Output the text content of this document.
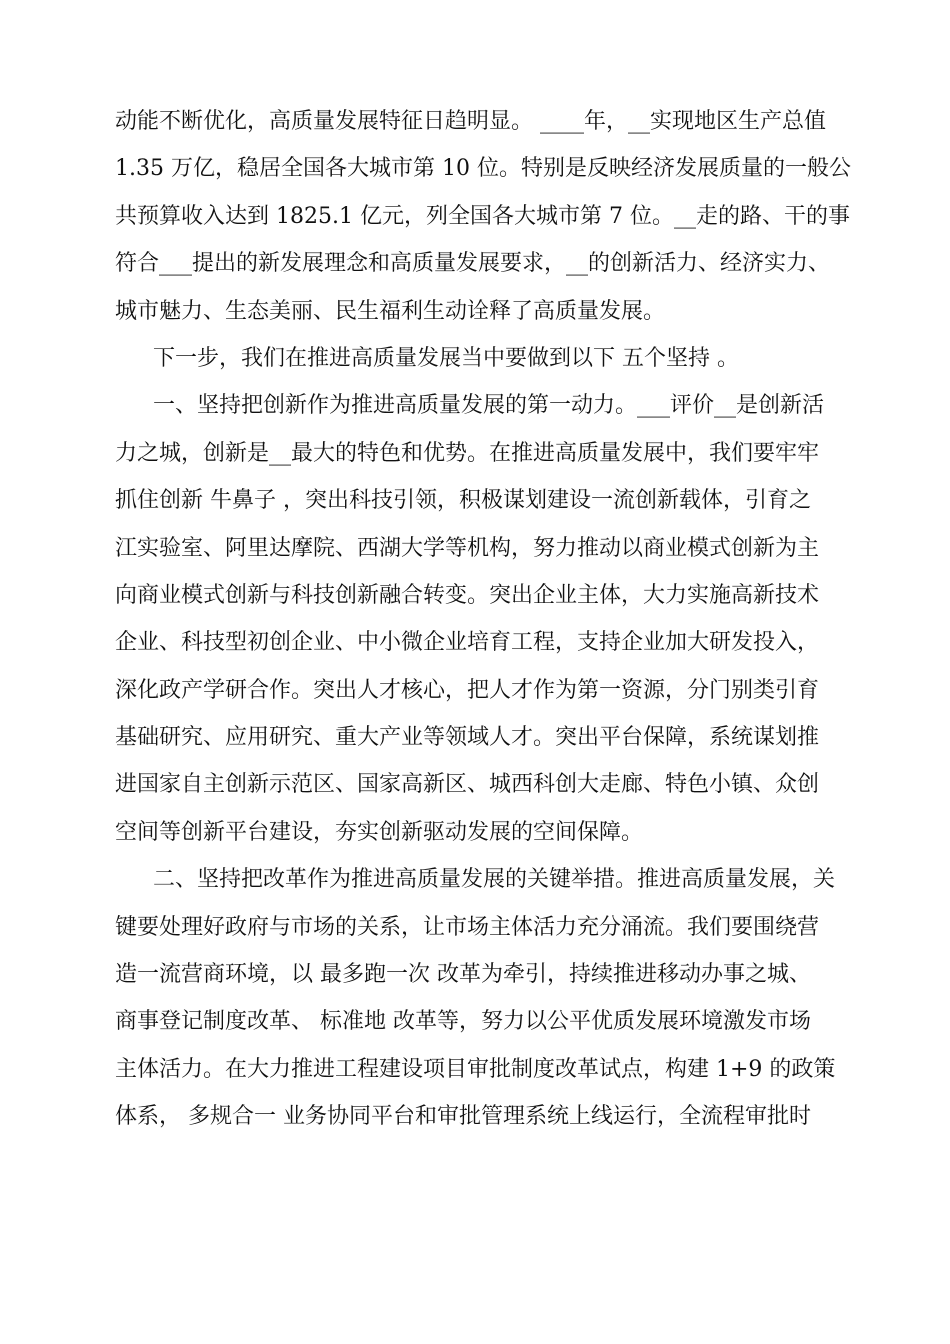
动能不断优化，高质量发展特征日趋明显。 ____年，__实现地区生产总值
1.35 万亿，稳居全国各大城市第 10 位。特别是反映经济发展质量的一般公
共预算收入达到 1825.1 亿元，列全国各大城市第 7 位。__走的路、干的事
符合___提出的新发展理念和高质量发展要求，__的创新活力、经济实力、
城市魅力、生态美丽、民生福利生动诠释了高质量发展。
下一步，我们在推进高质量发展当中要做到以下 五个坚持 。
一、坚持把创新作为推进高质量发展的第一动力。___评价__是创新活
力之城，创新是__最大的特色和优势。在推进高质量发展中，我们要牢牢
抓住创新 牛鼻子 ，突出科技引领，积极谋划建设一流创新载体，引育之
江实验室、阿里达摩院、西湖大学等机构，努力推动以商业模式创新为主
向商业模式创新与科技创新融合转变。突出企业主体，大力实施高新技术
企业、科技型初创企业、中小微企业培育工程，支持企业加大研发投入，
深化政产学研合作。突出人才核心，把人才作为第一资源，分门别类引育
基础研究、应用研究、重大产业等领域人才。突出平台保障，系统谋划推
进国家自主创新示范区、国家高新区、城西科创大走廊、特色小镇、众创
空间等创新平台建设，夯实创新驱动发展的空间保障。
二、坚持把改革作为推进高质量发展的关键举措。推进高质量发展，关
键要处理好政府与市场的关系，让市场主体活力充分涌流。我们要围绕营
造一流营商环境，以 最多跑一次 改革为牵引，持续推进移动办事之城、
商事登记制度改革、 标准地 改革等，努力以公平优质发展环境激发市场
主体活力。在大力推进工程建设项目审批制度改革试点，构建 1+9 的政策
体系， 多规合一 业务协同平台和审批管理系统上线运行，全流程审批时
